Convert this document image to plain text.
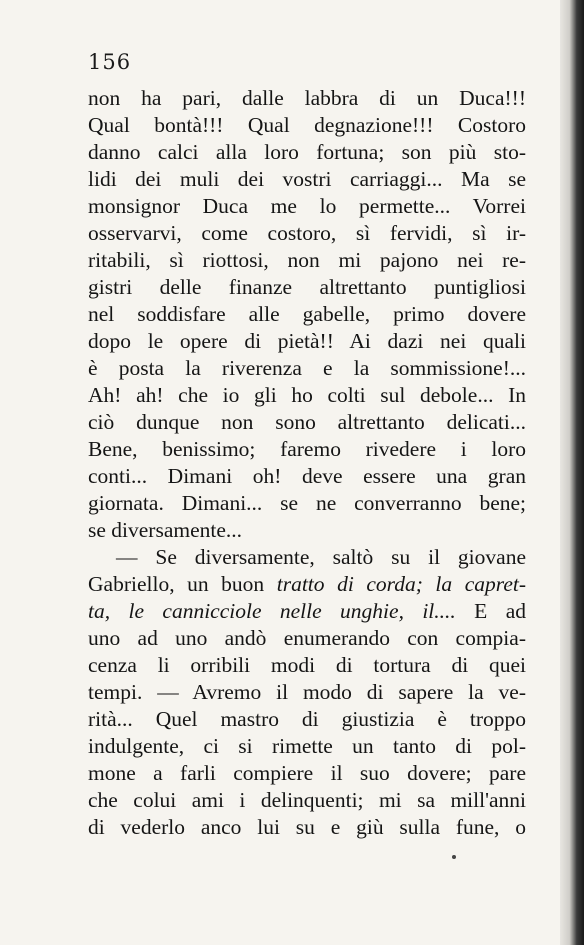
156
non ha pari, dalle labbra di un Duca!!!
Qual bontà!!! Qual degnazione!!! Costoro
danno calci alla loro fortuna; son più sto-
lidi dei muli dei vostri carriaggi... Ma se
monsignor Duca me lo permette... Vorrei
osservarvi, come costoro, sì fervidi, sì ir-
ritabili, sì riottosi, non mi pajono nei re-
gistri delle finanze altrettanto puntigliosi
nel soddisfare alle gabelle, primo dovere
dopo le opere di pietà!! Ai dazi nei quali
è posta la riverenza e la sommissione!...
Ah! ah! che io gli ho colti sul debole... In
ciò dunque non sono altrettanto delicati...
Bene, benissimo; faremo rivedere i loro
conti... Dimani oh! deve essere una gran
giornata. Dimani... se ne converranno bene;
se diversamente...
— Se diversamente, saltò su il giovane
Gabriello, un buon tratto di corda; la capret-
ta, le cannicciole nelle unghie, il.... E ad
uno ad uno andò enumerando con compia-
cenza li orribili modi di tortura di quei
tempi. — Avremo il modo di sapere la ve-
rità... Quel mastro di giustizia è troppo
indulgente, ci si rimette un tanto di pol-
mone a farli compiere il suo dovere; pare
che colui ami i delinquenti; mi sa mill'anni
di vederlo anco lui su e giù sulla fune, o
